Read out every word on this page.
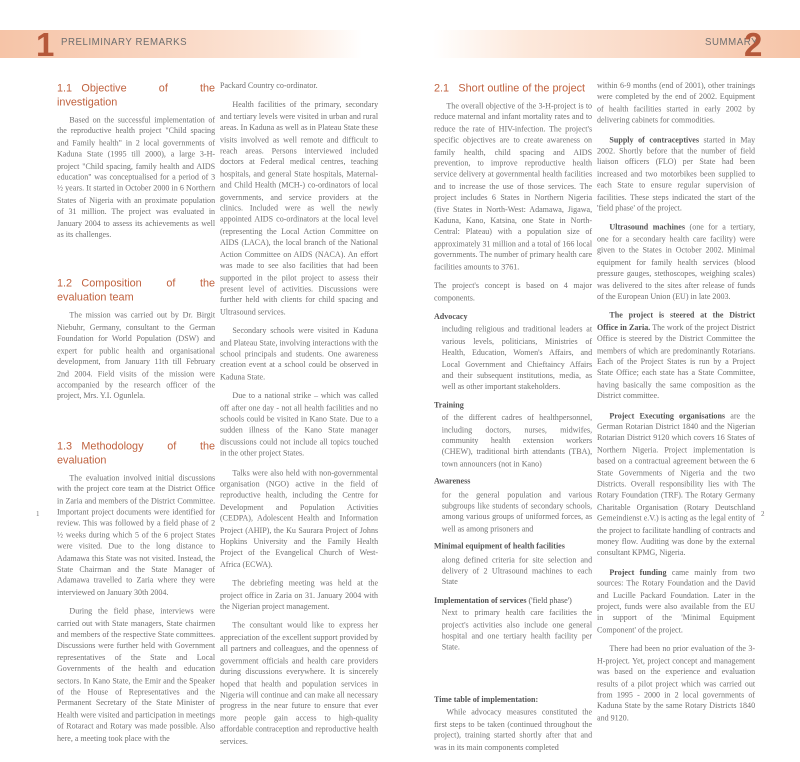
1 PRELIMINARY REMARKS	SUMMARY
2
1.1 Objective of the investigation

Based on the successful implementation of the reproductive health project "Child spacing and Family health" in 2 local governments of Kaduna State (1995 till 2000), a large 3-H-project "Child spacing, family health and AIDS education" was conceptualised for a period of 3 ½ years. It started in October 2000 in 6 Northern States of Nigeria with an proximate population of 31 million. The project was evaluated in January 2004 to assess its achievements as well as its challenges.

1.2 Composition of the evaluation team

The mission was carried out by Dr. Birgit Niebuhr, Germany, consultant to the German Foundation for World Population (DSW) and expert for public health and organisational development, from January 11th till February 2nd 2004. Field visits of the mission were accompanied by the research officer of the project, Mrs. Y.I. Ogunlela.

1.3 Methodology of the evaluation

The evaluation involved initial discussions with the project core team at the District Office in Zaria and members of the District Committee. Important project documents were identified for review. This was followed by a field phase of 2 ½ weeks during which 5 of the 6 project States were visited. Due to the long distance to Adamawa this State was not visited. Instead, the State Chairman and the State Manager of Adamawa travelled to Zaria where they were interviewed on January 30th 2004.

During the field phase, interviews were carried out with State managers, State chairmen and members of the respective State committees. Discussions were further held with Government representatives of the State and Local Governments of the health and education sectors. In Kano State, the Emir and the Speaker of the House of Representatives and the Permanent Secretary of the State Minister of Health were visited and participation in meetings of Rotaract and Rotary was made possible. Also here, a meeting took place with the

Packard Country co-ordinator.

Health facilities of the primary, secondary and tertiary levels were visited in urban and rural areas. In Kaduna as well as in Plateau State these visits involved as well remote and difficult to reach areas. Persons interviewed included doctors at Federal medical centres, teaching hospitals, and general State hospitals, Maternal- and Child Health (MCH-) co-ordinators of local governments, and service providers at the clinics. Included were as well the newly appointed AIDS co-ordinators at the local level (representing the Local Action Committee on AIDS (LACA), the local branch of the National Action Committee on AIDS (NACA). An effort was made to see also facilities that had been supported in the pilot project to assess their present level of activities. Discussions were further held with clients for child spacing and Ultrasound services.

Secondary schools were visited in Kaduna and Plateau State, involving interactions with the school principals and students. One awareness creation event at a school could be observed in Kaduna State.

Due to a national strike – which was called off after one day - not all health facilities and no schools could be visited in Kano State. Due to a sudden illness of the Kano State manager discussions could not include all topics touched in the other project States.

Talks were also held with non-governmental organisation (NGO) active in the field of reproductive health, including the Centre for Development and Population Activities (CEDPA), Adolescent Health and Information Project (AHIP), the Ku Saurara Project of Johns Hopkins University and the Family Health Project of the Evangelical Church of West-Africa (ECWA).

The debriefing meeting was held at the project office in Zaria on 31. January 2004 with the Nigerian project management.

The consultant would like to express her appreciation of the excellent support provided by all partners and colleagues, and the openness of government officials and health care providers during discussions everywhere. It is sincerely hoped that health and population services in Nigeria will continue and can make all necessary progress in the near future to ensure that ever more people gain access to high-quality affordable contraception and reproductive health services.

2.1 Short outline of the project

The overall objective of the 3-H-project is to reduce maternal and infant mortality rates and to reduce the rate of HIV-infection. The project's specific objectives are to create awareness on family health, child spacing and AIDS prevention, to improve reproductive health service delivery at governmental health facilities and to increase the use of those services. The project includes 6 States in Northern Nigeria (five States in North-West: Adamawa, Jigawa, Kaduna, Kano, Katsina, one State in North-Central: Plateau) with a population size of approximately 31 million and a total of 166 local governments. The number of primary health care facilities amounts to 3761.

The project's concept is based on 4 major components.

Advocacy

including religious and traditional leaders at various levels, politicians, Ministries of Health, Education, Women's Affairs, and Local Government and Chieftaincy Affairs and their subsequent institutions, media, as well as other important stakeholders.

Training

of the different cadres of healthpersonnel, including doctors, nurses, midwifes, community health extension workers (CHEW), traditional birth attendants (TBA), town announcers (not in Kano)

Awareness

for the general population and various subgroups like students of secondary schools, among various groups of uniformed forces, as well as among prisoners and

Minimal equipment of health facilities

along defined criteria for site selection and delivery of 2 Ultrasound machines to each State

Implementation of services ('field phase')

Next to primary health care facilities the project's activities also include one general hospital and one tertiary health facility per State.

Time table of implementation:

While advocacy measures constituted the first steps to be taken (continued throughout the project), training started shortly after that and was in its main components completed

within 6-9 months (end of 2001), other trainings were completed by the end of 2002. Equipment of health facilities started in early 2002 by delivering cabinets for commodities.

Supply of contraceptives started in May 2002. Shortly before that the number of field liaison officers (FLO) per State had been increased and two motorbikes been supplied to each State to ensure regular supervision of facilities. These steps indicated the start of the 'field phase' of the project.

Ultrasound machines (one for a tertiary, one for a secondary health care facility) were given to the States in October 2002. Minimal equipment for family health services (blood pressure gauges, stethoscopes, weighing scales) was delivered to the sites after release of funds of the European Union (EU) in late 2003.

The project is steered at the District Office in Zaria. The work of the project District Office is steered by the District Committee the members of which are predominantly Rotarians. Each of the Project States is run by a Project State Office; each state has a State Committee, having basically the same composition as the District committee.

Project Executing organisations are the German Rotarian District 1840 and the Nigerian Rotarian District 9120 which covers 16 States of Northern Nigeria. Project implementation is based on a contractual agreement between the 6 State Governments of Nigeria and the two Districts. Overall responsibility lies with The Rotary Foundation (TRF). The Rotary Germany Charitable Organisation (Rotary Deutschland Gemeindienst e.V.) is acting as the legal entity of the project to facilitate handling of contracts and money flow. Auditing was done by the external consultant KPMG, Nigeria.

Project funding came mainly from two sources: The Rotary Foundation and the David and Lucille Packard Foundation. Later in the project, funds were also available from the EU in support of the 'Minimal Equipment Component' of the project.

There had been no prior evaluation of the 3-H-project. Yet, project concept and management was based on the experience and evaluation results of a pilot project which was carried out from 1995 - 2000 in 2 local governments of Kaduna State by the same Rotary Districts 1840 and 9120.

1	2
